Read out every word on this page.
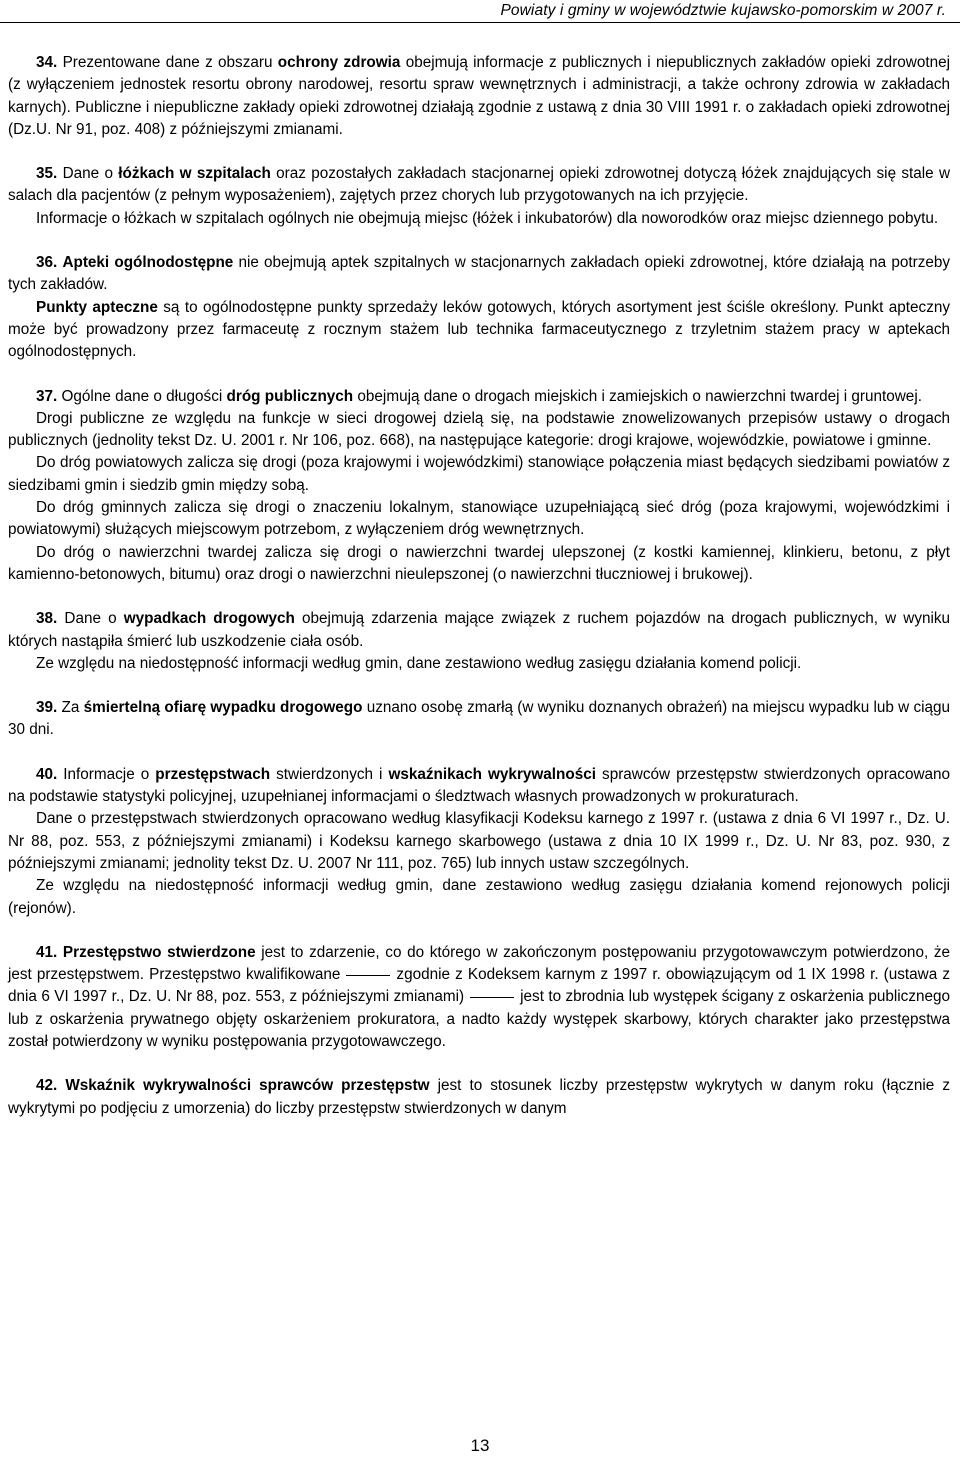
Powiaty i gminy w województwie kujawsko-pomorskim w 2007 r.

34. Prezentowane dane z obszaru ochrony zdrowia obejmują informacje z publicznych i niepublicznych zakładów opieki zdrowotnej (z wyłączeniem jednostek resortu obrony narodowej, resortu spraw wewnętrznych i administracji, a także ochrony zdrowia w zakładach karnych). Publiczne i niepubliczne zakłady opieki zdrowotnej działają zgodnie z ustawą z dnia 30 VIII 1991 r. o zakładach opieki zdrowotnej (Dz.U. Nr 91, poz. 408) z późniejszymi zmianami.

35. Dane o łóżkach w szpitalach oraz pozostałych zakładach stacjonarnej opieki zdrowotnej dotyczą łóżek znajdujących się stale w salach dla pacjentów (z pełnym wyposażeniem), zajętych przez chorych lub przygotowanych na ich przyjęcie.

Informacje o łóżkach w szpitalach ogólnych nie obejmują miejsc (łóżek i inkubatorów) dla noworodków oraz miejsc dziennego pobytu.

36. Apteki ogólnodostępne nie obejmują aptek szpitalnych w stacjonarnych zakładach opieki zdrowotnej, które działają na potrzeby tych zakładów.

Punkty apteczne są to ogólnodostępne punkty sprzedaży leków gotowych, których asortyment jest ściśle określony. Punkt apteczny może być prowadzony przez farmaceutę z rocznym stażem lub technika farmaceutycznego z trzyletnim stażem pracy w aptekach ogólnodostępnych.

37. Ogólne dane o długości dróg publicznych obejmują dane o drogach miejskich i zamiejskich o nawierzchni twardej i gruntowej.

Drogi publiczne ze względu na funkcje w sieci drogowej dzielą się, na podstawie znowelizowanych przepisów ustawy o drogach publicznych (jednolity tekst Dz. U. 2001 r. Nr 106, poz. 668), na następujące kategorie: drogi krajowe, wojewódzkie, powiatowe i gminne.

Do dróg powiatowych zalicza się drogi (poza krajowymi i wojewódzkimi) stanowiące połączenia miast będących siedzibami powiatów z siedzibami gmin i siedzib gmin między sobą.

Do dróg gminnych zalicza się drogi o znaczeniu lokalnym, stanowiące uzupełniającą sieć dróg (poza krajowymi, wojewódzkimi i powiatowymi) służących miejscowym potrzebom, z wyłączeniem dróg wewnętrznych.

Do dróg o nawierzchni twardej zalicza się drogi o nawierzchni twardej ulepszonej (z kostki kamiennej, klinkieru, betonu, z płyt kamienno-betonowych, bitumu) oraz drogi o nawierzchni nieulepszonej (o nawierzchni tłuczniowej i brukowej).

38. Dane o wypadkach drogowych obejmują zdarzenia mające związek z ruchem pojazdów na drogach publicznych, w wyniku których nastąpiła śmierć lub uszkodzenie ciała osób.

Ze względu na niedostępność informacji według gmin, dane zestawiono według zasięgu działania komend policji.

39. Za śmiertelną ofiarę wypadku drogowego uznano osobę zmarłą (w wyniku doznanych obrażeń) na miejscu wypadku lub w ciągu 30 dni.

40. Informacje o przestępstwach stwierdzonych i wskaźnikach wykrywalności sprawców przestępstw stwierdzonych opracowano na podstawie statystyki policyjnej, uzupełnianej informacjami o śledztwach własnych prowadzonych w prokuraturach.

Dane o przestępstwach stwierdzonych opracowano według klasyfikacji Kodeksu karnego z 1997 r. (ustawa z dnia 6 VI 1997 r., Dz. U. Nr 88, poz. 553, z późniejszymi zmianami) i Kodeksu karnego skarbowego (ustawa z dnia 10 IX 1999 r., Dz. U. Nr 83, poz. 930, z późniejszymi zmianami; jednolity tekst Dz. U. 2007 Nr 111, poz. 765) lub innych ustaw szczególnych.

Ze względu na niedostępność informacji według gmin, dane zestawiono według zasięgu działania komend rejonowych policji (rejonów).

41. Przestępstwo stwierdzone jest to zdarzenie, co do którego w zakończonym postępowaniu przygotowawczym potwierdzono, że jest przestępstwem. Przestępstwo kwalifikowane	zgodnie z Kodeksem karnym z 1997 r. obowiązującym od 1 IX 1998 r. (ustawa z dnia 6 VI 1997 r., Dz. U. Nr 88, poz. 553, z późniejszymi zmianami)	jest to zbrodnia lub występek ścigany z oskarżenia publicznego lub z oskarżenia prywatnego objęty oskarżeniem prokuratora, a nadto każdy występek skarbowy, których charakter jako przestępstwa został potwierdzony w wyniku postępowania przygotowawczego.

42. Wskaźnik wykrywalności sprawców przestępstw jest to stosunek liczby przestępstw wykrytych w danym roku (łącznie z wykrytymi po podjęciu z umorzenia) do liczby przestępstw stwierdzonych w danym

13
